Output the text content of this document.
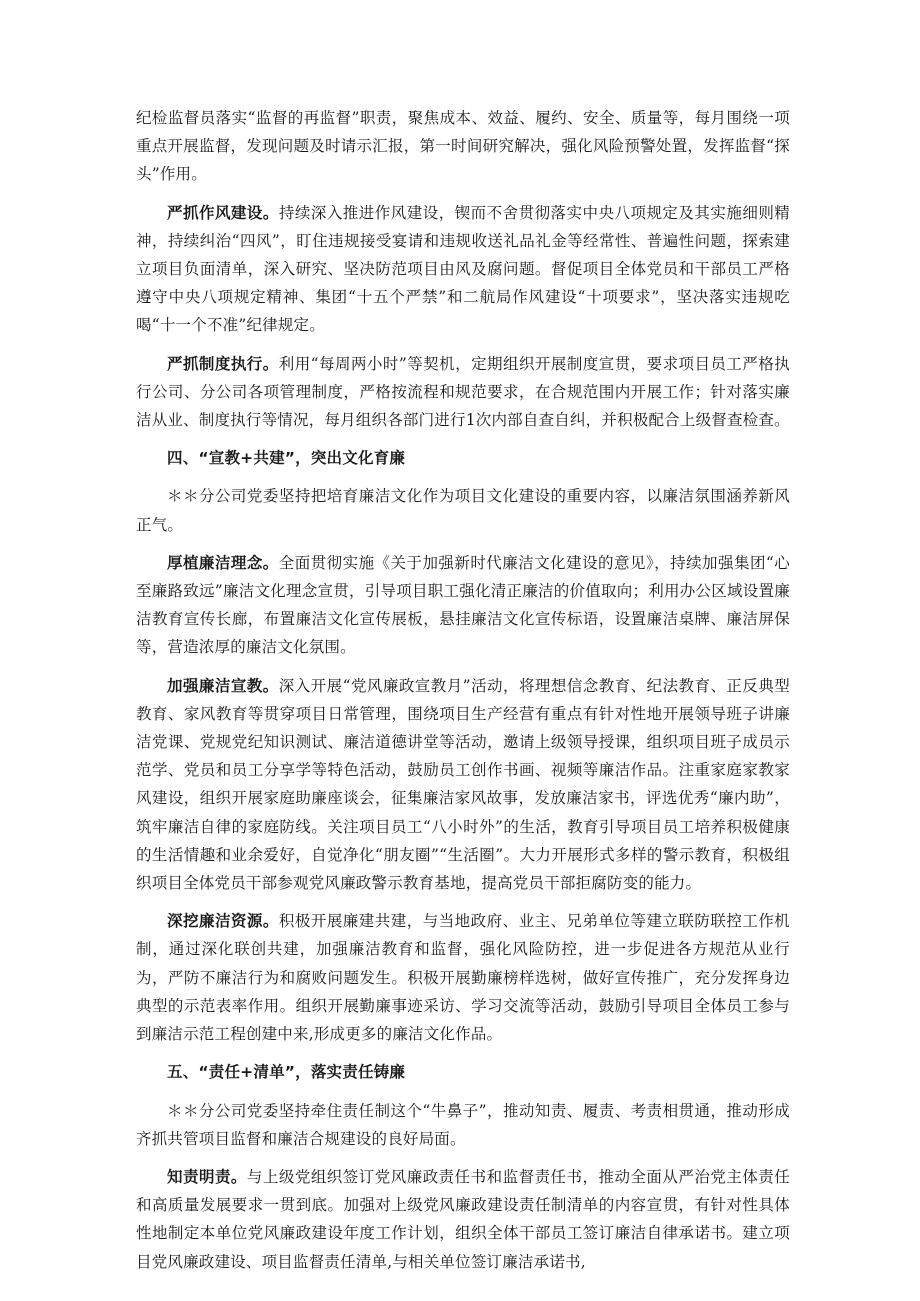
纪检监督员落实“监督的再监督”职责，聚焦成本、效益、履约、安全、质量等，每月围绕一项重点开展监督，发现问题及时请示汇报，第一时间研究解决，强化风险预警处置，发挥监督“探头”作用。

严抓作风建设。持续深入推进作风建设，锲而不舍贯彻落实中央八项规定及其实施细则精神，持续纠治“四风”，盯住违规接受宴请和违规收送礼品礼金等经常性、普遍性问题，探索建立项目负面清单，深入研究、坚决防范项目由风及腐问题。督促项目全体党员和干部员工严格遵守中央八项规定精神、集团“十五个严禁”和二航局作风建设“十项要求”，坚决落实违规吃喝“十一个不准”纪律规定。

严抓制度执行。利用“每周两小时”等契机，定期组织开展制度宣贯，要求项目员工严格执行公司、分公司各项管理制度，严格按流程和规范要求，在合规范围内开展工作；针对落实廉洁从业、制度执行等情况，每月组织各部门进行1次内部自查自纠，并积极配合上级督查检查。

四、“宣教+共建”，突出文化育廉

＊＊分公司党委坚持把培育廉洁文化作为项目文化建设的重要内容，以廉洁氛围涵养新风正气。

厚植廉洁理念。全面贯彻实施《关于加强新时代廉洁文化建设的意见》，持续加强集团“心至廉路致远”廉洁文化理念宣贯，引导项目职工强化清正廉洁的价值取向；利用办公区域设置廉洁教育宣传长廊，布置廉洁文化宣传展板，悬挂廉洁文化宣传标语，设置廉洁桌牌、廉洁屏保等，营造浓厚的廉洁文化氛围。

加强廉洁宣教。深入开展“党风廉政宣教月”活动，将理想信念教育、纪法教育、正反典型教育、家风教育等贯穿项目日常管理，围绕项目生产经营有重点有针对性地开展领导班子讲廉洁党课、党规党纪知识测试、廉洁道德讲堂等活动，邀请上级领导授课，组织项目班子成员示范学、党员和员工分享学等特色活动，鼓励员工创作书画、视频等廉洁作品。注重家庭家教家风建设，组织开展家庭助廉座谈会，征集廉洁家风故事，发放廉洁家书，评选优秀“廉内助”，筑牢廉洁自律的家庭防线。关注项目员工“八小时外”的生活，教育引导项目员工培养积极健康的生活情趣和业余爱好，自觉净化“朋友圈”“生活圈”。大力开展形式多样的警示教育，积极组织项目全体党员干部参观党风廉政警示教育基地，提高党员干部拒腐防变的能力。

深挖廉洁资源。积极开展廉建共建，与当地政府、业主、兄弟单位等建立联防联控工作机制，通过深化联创共建，加强廉洁教育和监督，强化风险防控，进一步促进各方规范从业行为，严防不廉洁行为和腐败问题发生。积极开展勤廉榜样选树，做好宣传推广，充分发挥身边典型的示范表率作用。组织开展勤廉事迹采访、学习交流等活动，鼓励引导项目全体员工参与到廉洁示范工程创建中来,形成更多的廉洁文化作品。

五、“责任+清单”，落实责任铸廉

＊＊分公司党委坚持牵住责任制这个“牛鼻子”，推动知责、履责、考责相贯通，推动形成齐抓共管项目监督和廉洁合规建设的良好局面。

知责明责。与上级党组织签订党风廉政责任书和监督责任书，推动全面从严治党主体责任和高质量发展要求一贯到底。加强对上级党风廉政建设责任制清单的内容宣贯，有针对性具体性地制定本单位党风廉政建设年度工作计划，组织全体干部员工签订廉洁自律承诺书。建立项目党风廉政建设、项目监督责任清单,与相关单位签订廉洁承诺书,
